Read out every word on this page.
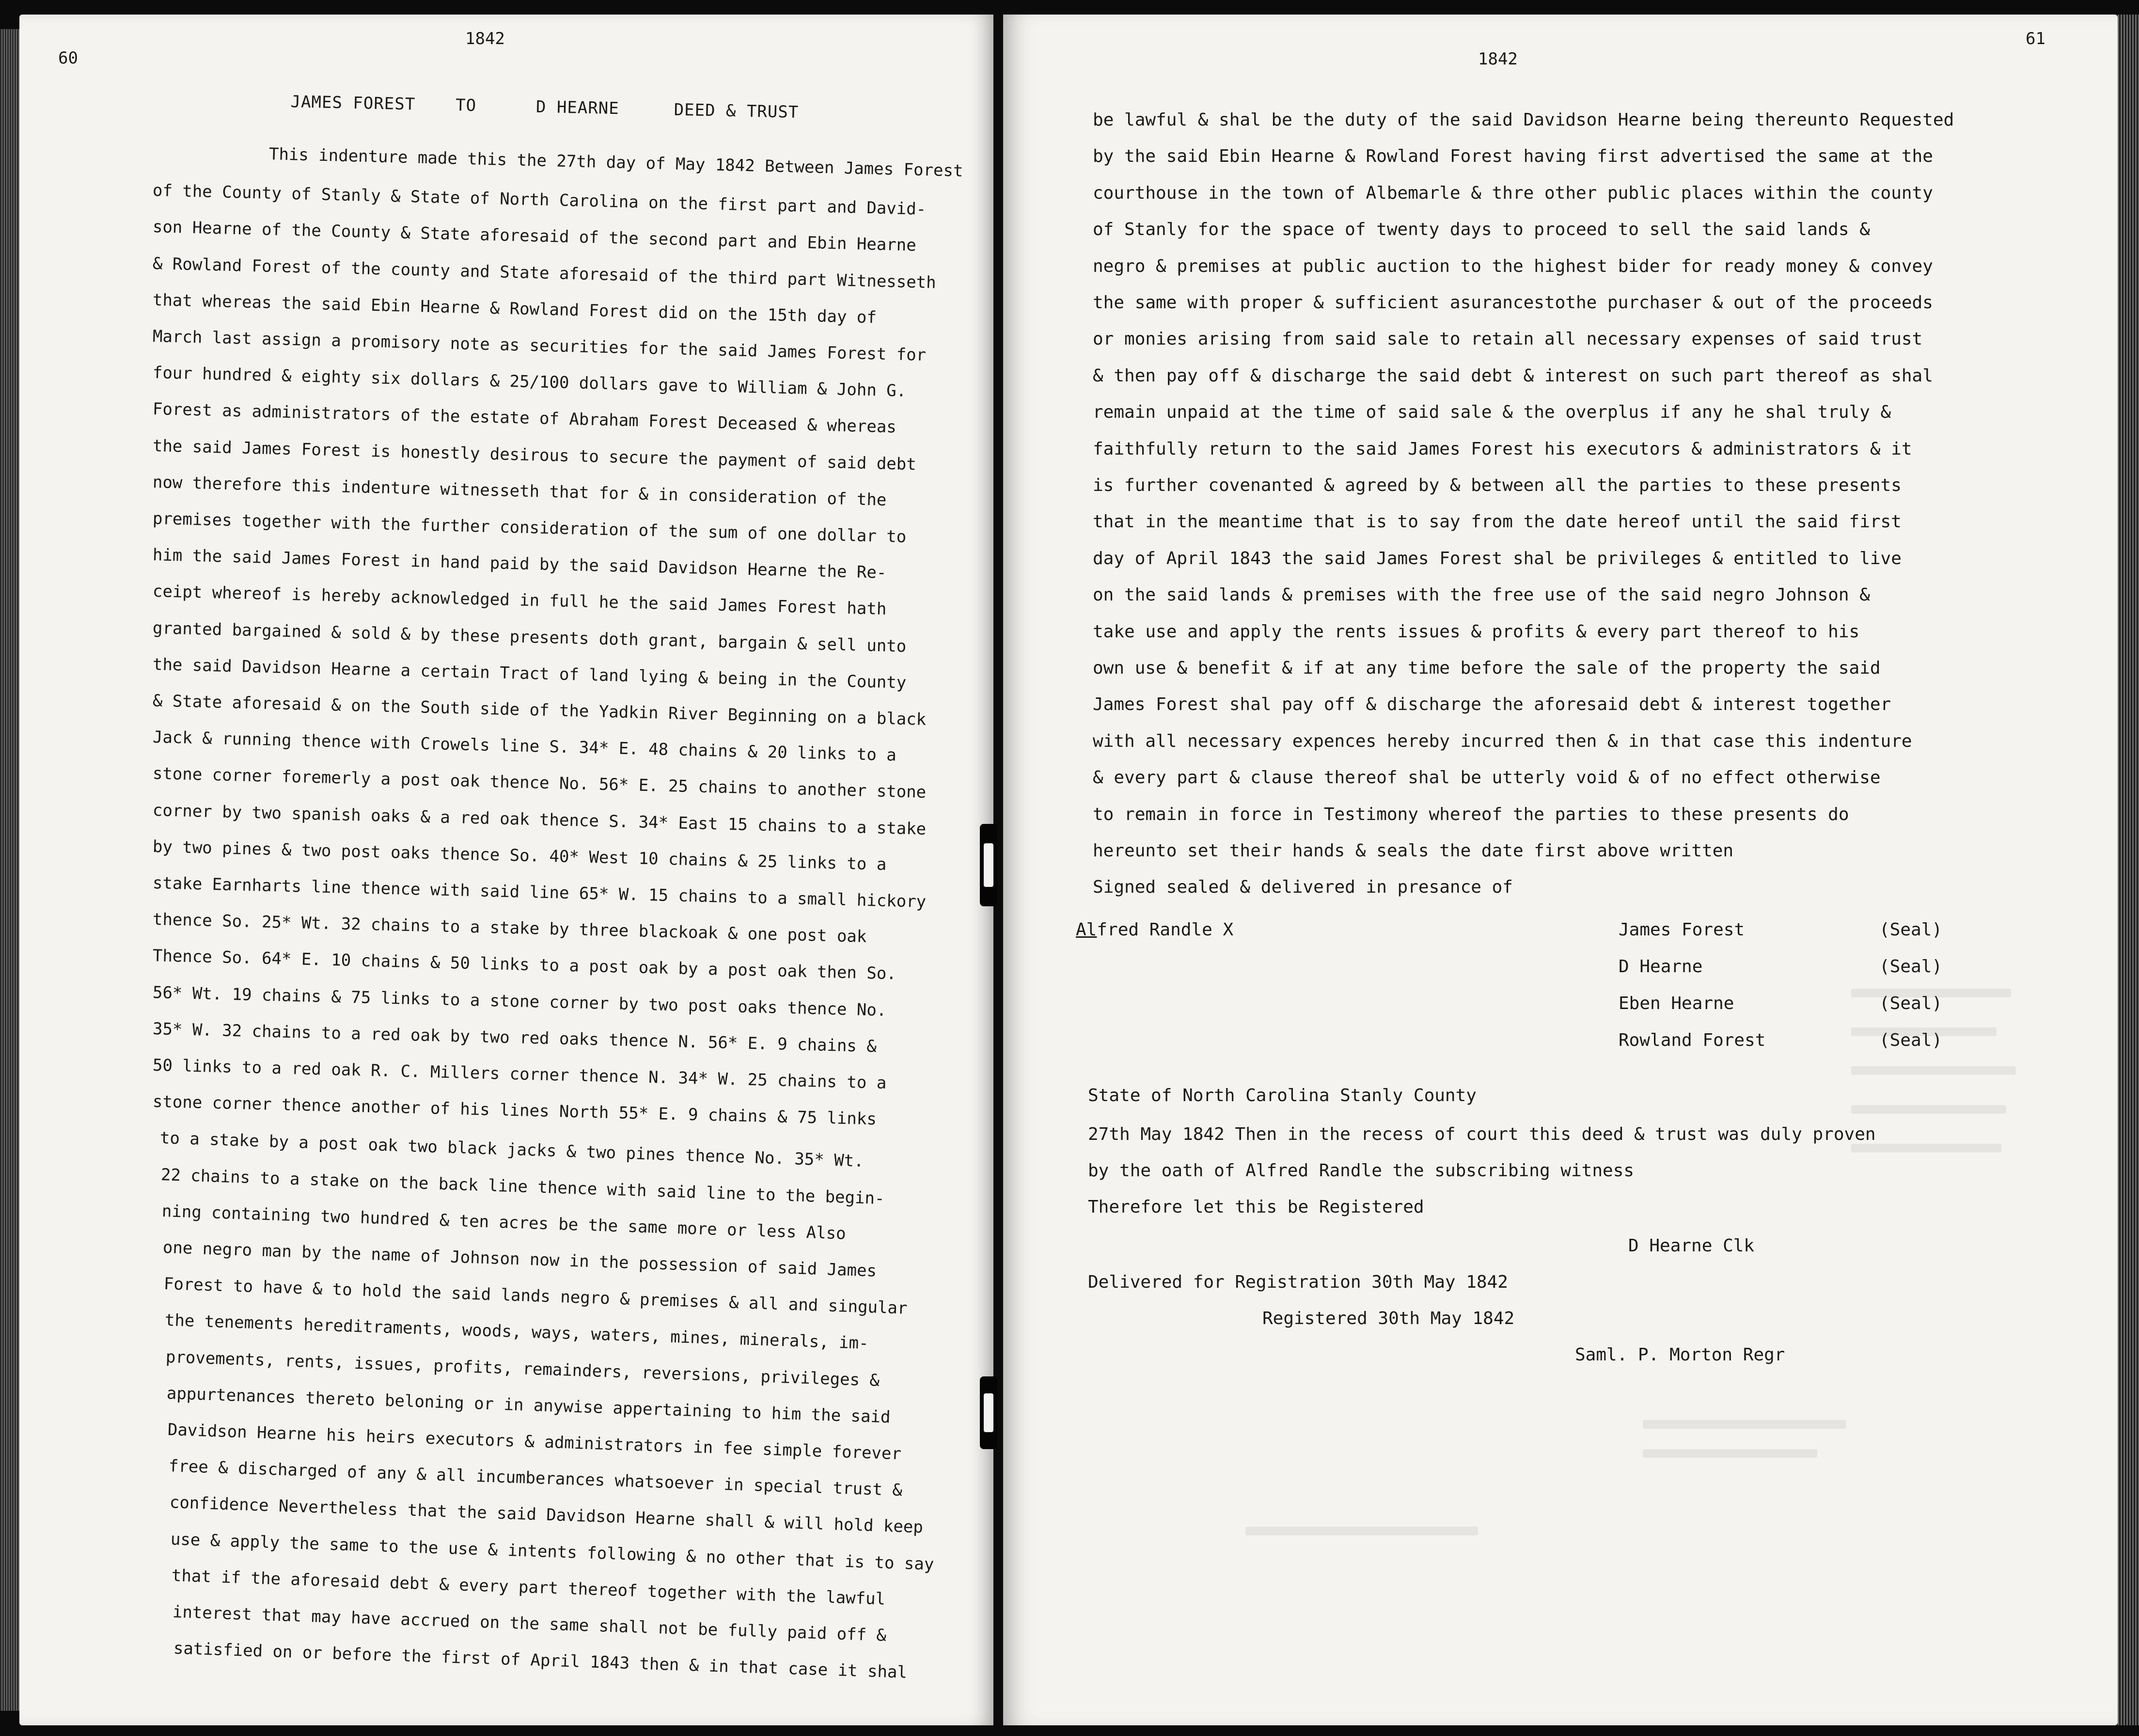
60
1842
JAMES FOREST TO	D HEARNE	DEED & TRUST
This indenture made this the 27th day of May 1842 Between James Forest
of the County of Stanly & State of North Carolina on the first part and David-
son Hearne of the County & State aforesaid of the second part and Ebin Hearne
& Rowland Forest of the county and State aforesaid of the third part Witnesseth
that whereas the said Ebin Hearne & Rowland Forest did on the 15th day of
March last assign a promisory note as securities for the said James Forest for
four hundred & eighty six dollars & 25/100 dollars gave to William & John G.
Forest as administrators of the estate of Abraham Forest Deceased & whereas
the said James Forest is honestly desirous to secure the payment of said debt
now therefore this indenture witnesseth that for & in consideration of the
premises together with the further consideration of the sum of one dollar to
him the said James Forest in hand paid by the said Davidson Hearne the Re-
ceipt whereof is hereby acknowledged in full he the said James Forest hath
granted bargained & sold & by these presents doth grant, bargain & sell unto
the said Davidson Hearne a certain Tract of land lying & being in the County
& State aforesaid & on the South side of the Yadkin River Beginning on a black
Jack & running thence with Crowels line S. 34* E. 48 chains & 20 links to a
stone corner foremerly a post oak thence No. 56* E. 25 chains to another stone
corner by two spanish oaks & a red oak thence S. 34* East 15 chains to a stake
by two pines & two post oaks thence So. 40* West 10 chains & 25 links to a
stake Earnharts line thence with said line 65* W. 15 chains to a small hickory
thence So. 25* Wt. 32 chains to a stake by three blackoak & one post oak
Thence So. 64* E. 10 chains & 50 links to a post oak by a post oak then So.
56* Wt. 19 chains & 75 links to a stone corner by two post oaks thence No.
35* W. 32 chains to a red oak by two red oaks thence N. 56* E. 9 chains &
50 links to a red oak R. C. Millers corner thence N. 34* W. 25 chains to a
stone corner thence another of his lines North 55* E. 9 chains & 75 links
to a stake by a post oak two black jacks & two pines thence No. 35* Wt.
22 chains to a stake on the back line thence with said line to the begin-
ning containing two hundred & ten acres be the same more or less Also
one negro man by the name of Johnson now in the possession of said James
Forest to have & to hold the said lands negro & premises & all and singular
the tenements hereditraments, woods, ways, waters, mines, minerals, im-
provements, rents, issues, profits, remainders, reversions, privileges &
appurtenances thereto beloning or in anywise appertaining to him the said
Davidson Hearne his heirs executors & administrators in fee simple forever
free & discharged of any & all incumberances whatsoever in special trust &
confidence Nevertheless that the said Davidson Hearne shall & will hold keep
use & apply the same to the use & intents following & no other that is to say
that if the aforesaid debt & every part thereof together with the lawful
interest that may have accrued on the same shall not be fully paid off &
satisfied on or before the first of April 1843 then & in that case it shal
61
1842
be lawful & shal be the duty of the said Davidson Hearne being thereunto Requested
by the said Ebin Hearne & Rowland Forest having first advertised the same at the
courthouse in the town of Albemarle & thre other public places within the county
of Stanly for the space of twenty days to proceed to sell the said lands &
negro & premises at public auction to the highest bider for ready money & convey
the same with proper & sufficient asurancestothe purchaser & out of the proceeds
or monies arising from said sale to retain all necessary expenses of said trust
& then pay off & discharge the said debt & interest on such part thereof as shal
remain unpaid at the time of said sale & the overplus if any he shal truly &
faithfully return to the said James Forest his executors & administrators & it
is further covenanted & agreed by & between all the parties to these presents
that in the meantime that is to say from the date hereof until the said first
day of April 1843 the said James Forest shal be privileges & entitled to live
on the said lands & premises with the free use of the said negro Johnson &
take use and apply the rents issues & profits & every part thereof to his
own use & benefit & if at any time before the sale of the property the said
James Forest shal pay off & discharge the aforesaid debt & interest together
with all necessary expences hereby incurred then & in that case this indenture
& every part & clause thereof shal be utterly void & of no effect otherwise
to remain in force in Testimony whereof the parties to these presents do
hereunto set their hands & seals the date first above written
Signed sealed & delivered in presance of
Alfred Randle X	James Forest	(Seal)
D Hearne	(Seal)
Eben Hearne	(Seal)
Rowland Forest	(Seal)
State of North Carolina Stanly County
27th May 1842 Then in the recess of court this deed & trust was duly proven
by the oath of Alfred Randle the subscribing witness
Therefore let this be Registered
D Hearne Clk
Delivered for Registration 30th May 1842
Registered 30th May 1842
Saml. P. Morton Regr
